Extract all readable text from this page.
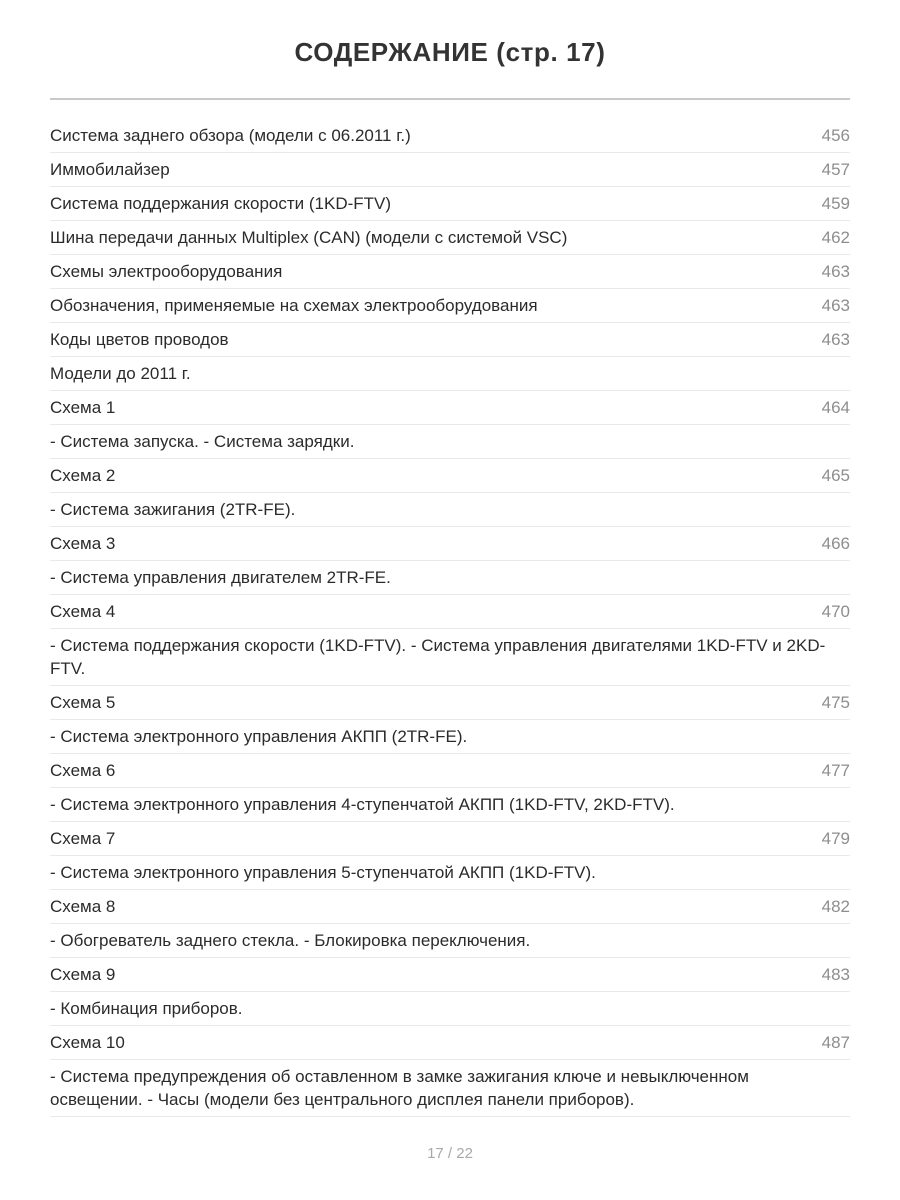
СОДЕРЖАНИЕ (стр. 17)
Система заднего обзора (модели с 06.2011 г.)	456
Иммобилайзер	457
Система поддержания скорости (1KD-FTV)	459
Шина передачи данных Multiplex (CAN) (модели с системой VSC)	462
Схемы электрооборудования	463
Обозначения, применяемые на схемах электрооборудования	463
Коды цветов проводов	463
Модели до 2011 г.
Схема 1	464
- Система запуска. - Система зарядки.
Схема 2	465
- Система зажигания (2TR-FE).
Схема 3	466
- Система управления двигателем 2TR-FE.
Схема 4	470
- Система поддержания скорости (1KD-FTV). - Система управления двигателями 1KD-FTV и 2KD-FTV.
Схема 5	475
- Система электронного управления АКПП (2TR-FE).
Схема 6	477
- Система электронного управления 4-ступенчатой АКПП (1KD-FTV, 2KD-FTV).
Схема 7	479
- Система электронного управления 5-ступенчатой АКПП (1KD-FTV).
Схема 8	482
- Обогреватель заднего стекла. - Блокировка переключения.
Схема 9	483
- Комбинация приборов.
Схема 10	487
- Система предупреждения об оставленном в замке зажигания ключе и невыключенном освещении. - Часы (модели без центрального дисплея панели приборов).
17 / 22
